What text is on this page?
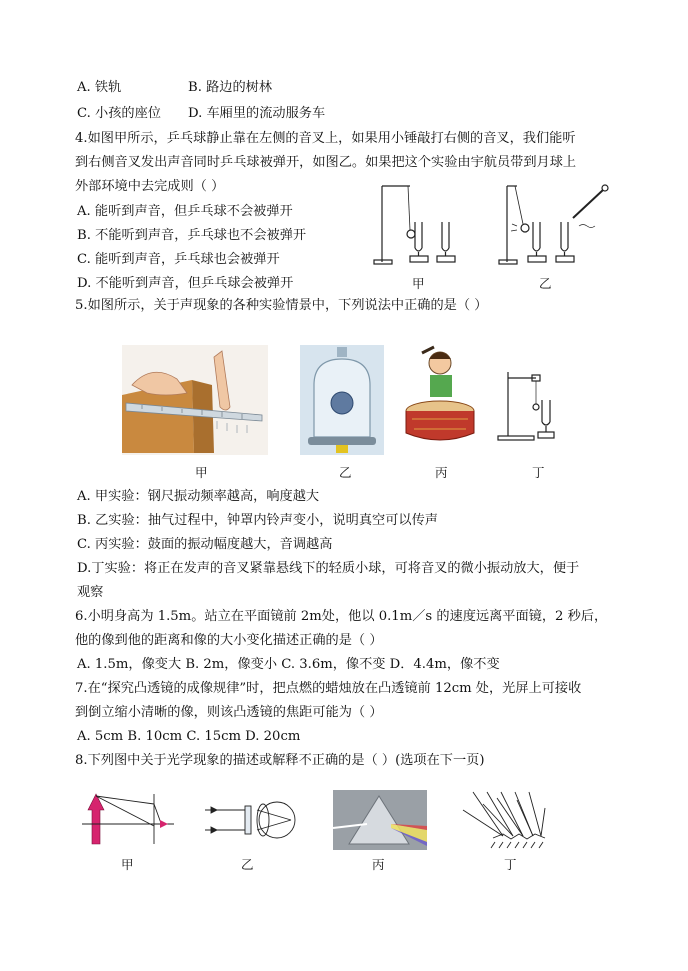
A. 铁轨	B. 路边的树林
C. 小孩的座位 D. 车厢里的流动服务车
4.如图甲所示，乒乓球静止靠在左侧的音叉上，如果用小锤敲打右侧的音叉，我们能听
到右侧音叉发出声音同时乒乓球被弹开，如图乙。如果把这个实验由宇航员带到月球上
外部环境中去完成则（ ）
A. 能听到声音，但乒乓球不会被弹开
B. 不能听到声音，乒乓球也不会被弹开
C. 能听到声音，乒乓球也会被弹开
D. 不能听到声音，但乒乓球会被弹开	甲	乙
5.如图所示，关于声现象的各种实验情景中，下列说法中正确的是（ ）
甲	乙	丙	丁
A. 甲实验：钢尺振动频率越高，响度越大
B. 乙实验：抽气过程中，钟罩内铃声变小，说明真空可以传声
C. 丙实验：鼓面的振动幅度越大，音调越高
D.丁实验：将正在发声的音叉紧靠悬线下的轻质小球，可将音叉的微小振动放大，便于
观察
6.小明身高为 1.5m。站立在平面镜前 2m处，他以 0.1m／s 的速度远离平面镜，2 秒后，
他的像到他的距离和像的大小变化描述正确的是（ ）
A. 1.5m，像变大 B. 2m，像变小 C. 3.6m，像不变 D．4.4m，像不变
7.在“探究凸透镜的成像规律”时，把点燃的蜡烛放在凸透镜前 12cm 处，光屏上可接收
到倒立缩小清晰的像，则该凸透镜的焦距可能为（ ）
A. 5cm B. 10cm C. 15cm D. 20cm
8.下列图中关于光学现象的描述或解释不正确的是（ ）(选项在下一页)
甲	乙	丙	丁
